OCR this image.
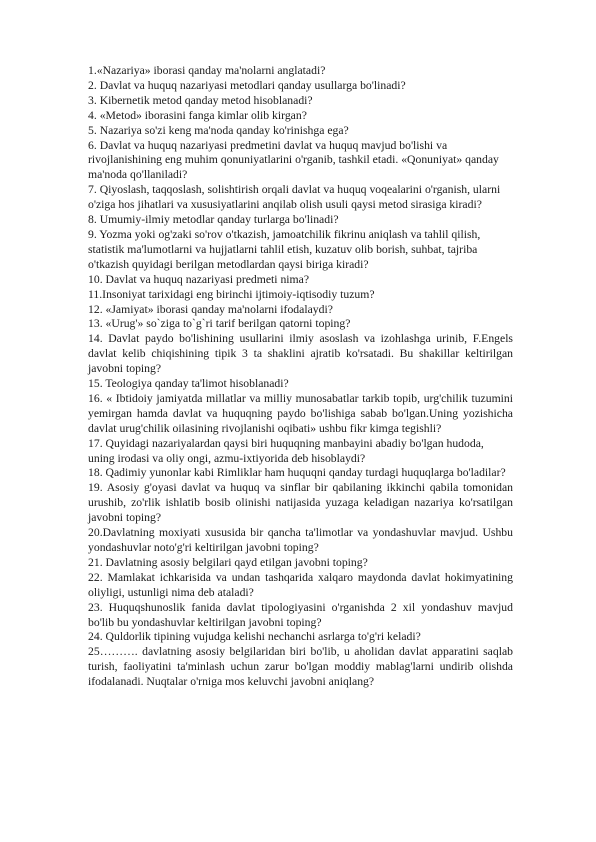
1.«Nazariya» iborasi qanday ma'nolarni anglatadi?

2. Davlat va huquq nazariyasi metodlari qanday usullarga bo'linadi?

3. Kibernetik metod qanday metod hisoblanadi?

4. «Metod» iborasini fanga kimlar olib kirgan?

5. Nazariya so'zi keng ma'noda qanday ko'rinishga ega?

6. Davlat va huquq nazariyasi predmetini davlat va huquq mavjud bo'lishi va rivojlanishining eng muhim qonuniyatlarini o'rganib, tashkil etadi. «Qonuniyat» qanday ma'noda qo'llaniladi?

7. Qiyoslash, taqqoslash, solishtirish orqali davlat va huquq voqealarini o'rganish, ularni o'ziga hos jihatlari va xususiyatlarini anqilab olish usuli qaysi metod sirasiga kiradi?

8. Umumiy-ilmiy metodlar qanday turlarga bo'linadi?

9. Yozma yoki og'zaki so'rov o'tkazish, jamoatchilik fikrinu aniqlash va tahlil qilish, statistik ma'lumotlarni va hujjatlarni tahlil etish, kuzatuv olib borish, suhbat, tajriba o'tkazish quyidagi berilgan metodlardan qaysi biriga kiradi?

10. Davlat va huquq nazariyasi predmeti nima?

11.Insoniyat tarixidagi eng birinchi ijtimoiy-iqtisodiy tuzum?

12. «Jamiyat» iborasi qanday ma'nolarni ifodalaydi?

13. «Urug'» so`ziga to`g`ri tarif berilgan qatorni toping?

14. Davlat paydo bo'lishining usullarini ilmiy asoslash va izohlashga urinib, F.Engels davlat kelib chiqishining tipik 3 ta shaklini ajratib ko'rsatadi. Bu shakillar keltirilgan javobni toping?

15. Teologiya qanday ta'limot hisoblanadi?

16. « Ibtidoiy jamiyatda millatlar va milliy munosabatlar tarkib topib, urg'chilik tuzumini yemirgan hamda davlat va huquqning paydo bo'lishiga sabab bo'lgan.Uning yozishicha davlat urug'chilik oilasining rivojlanishi oqibati» ushbu fikr kimga tegishli?

17. Quyidagi nazariyalardan qaysi biri huquqning manbayini abadiy bo'lgan hudoda, uning irodasi va oliy ongi, azmu-ixtiyorida deb hisoblaydi?

18. Qadimiy yunonlar kabi Rimliklar ham huquqni qanday turdagi huquqlarga bo'ladilar?

19. Asosiy g'oyasi davlat va huquq va sinflar bir qabilaning ikkinchi qabila tomonidan urushib, zo'rlik ishlatib bosib olinishi natijasida yuzaga keladigan nazariya ko'rsatilgan javobni toping?

20.Davlatning moxiyati xususida bir qancha ta'limotlar va yondashuvlar mavjud. Ushbu yondashuvlar noto'g'ri keltirilgan javobni toping?

21. Davlatning asosiy belgilari qayd etilgan javobni toping?

22. Mamlakat ichkarisida va undan tashqarida xalqaro maydonda davlat hokimyatining oliyligi, ustunligi nima deb ataladi?

23. Huquqshunoslik fanida davlat tipologiyasini o'rganishda 2 xil yondashuv mavjud bo'lib bu yondashuvlar keltirilgan javobni toping?

24. Quldorlik tipining vujudga kelishi nechanchi asrlarga to'g'ri keladi?

25………. davlatning asosiy belgilaridan biri bo'lib, u aholidan davlat apparatini saqlab turish, faoliyatini ta'minlash uchun zarur bo'lgan moddiy mablag'larni undirib olishda ifodalanadi. Nuqtalar o'rniga mos keluvchi javobni aniqlang?
